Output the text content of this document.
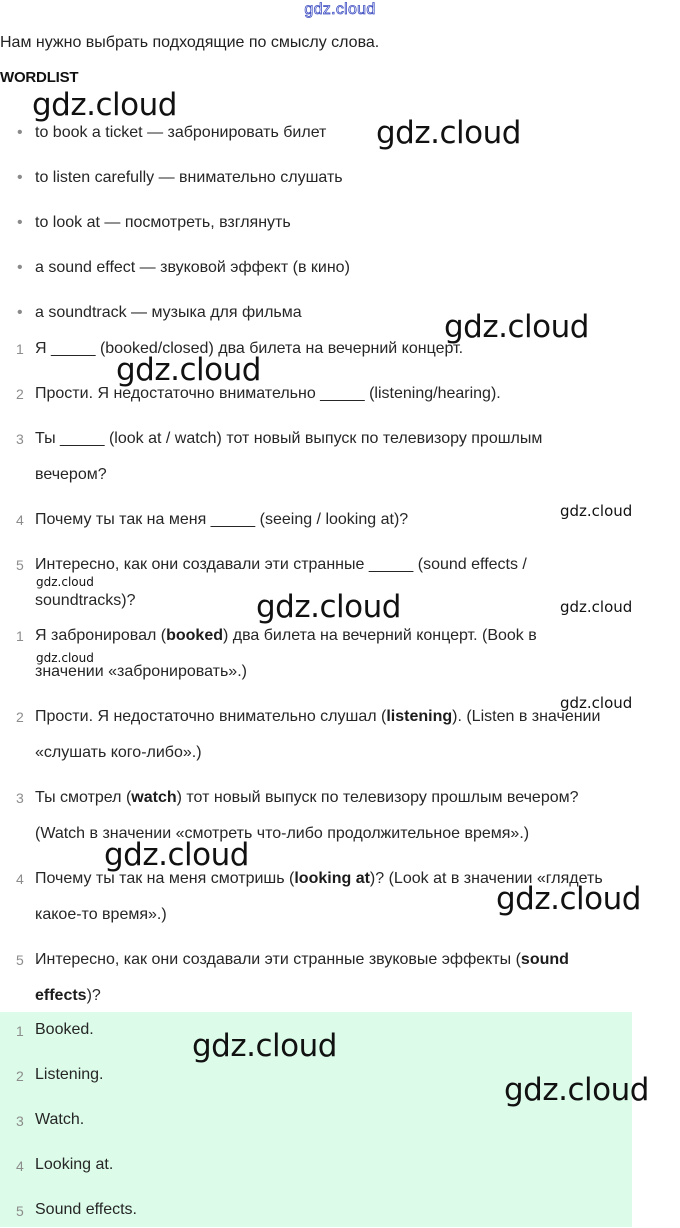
gdz.cloud
Нам нужно выбрать подходящие по смыслу слова.
WORDLIST
• to book a ticket — забронировать билет
• to listen carefully — внимательно слушать
• to look at — посмотреть, взглянуть
• a sound effect — звуковой эффект (в кино)
• a soundtrack — музыка для фильма
1 Я _____ (booked/closed) два билета на вечерний концерт.
2 Прости. Я недостаточно внимательно _____ (listening/hearing).
3 Ты _____ (look at / watch) тот новый выпуск по телевизору прошлым
вечером?
4 Почему ты так на меня _____ (seeing / looking at)?
5 Интересно, как они создавали эти странные _____ (sound effects /
soundtracks)?
1 Я забронировал (booked) два билета на вечерний концерт. (Book в
значении «забронировать».)
2 Прости. Я недостаточно внимательно слушал (listening). (Listen в значении
«слушать кого-либо».)
3 Ты смотрел (watch) тот новый выпуск по телевизору прошлым вечером?
(Watch в значении «смотреть что-либо продолжительное время».)
4 Почему ты так на меня смотришь (looking at)? (Look at в значении «глядеть
какое-то время».)
5 Интересно, как они создавали эти странные звуковые эффекты (sound
effects)?
1 Booked.
2 Listening.
3 Watch.
4 Looking at.
5 Sound effects.
gdz.cloud
gdz.cloud
gdz.cloud
gdz.cloud
gdz.cloud
gdz.cloud
gdz.cloud	gdz.cloud
gdz.cloud
gdz.cloud
gdz.cloud
gdz.cloud
gdz.cloud
gdz.cloud
